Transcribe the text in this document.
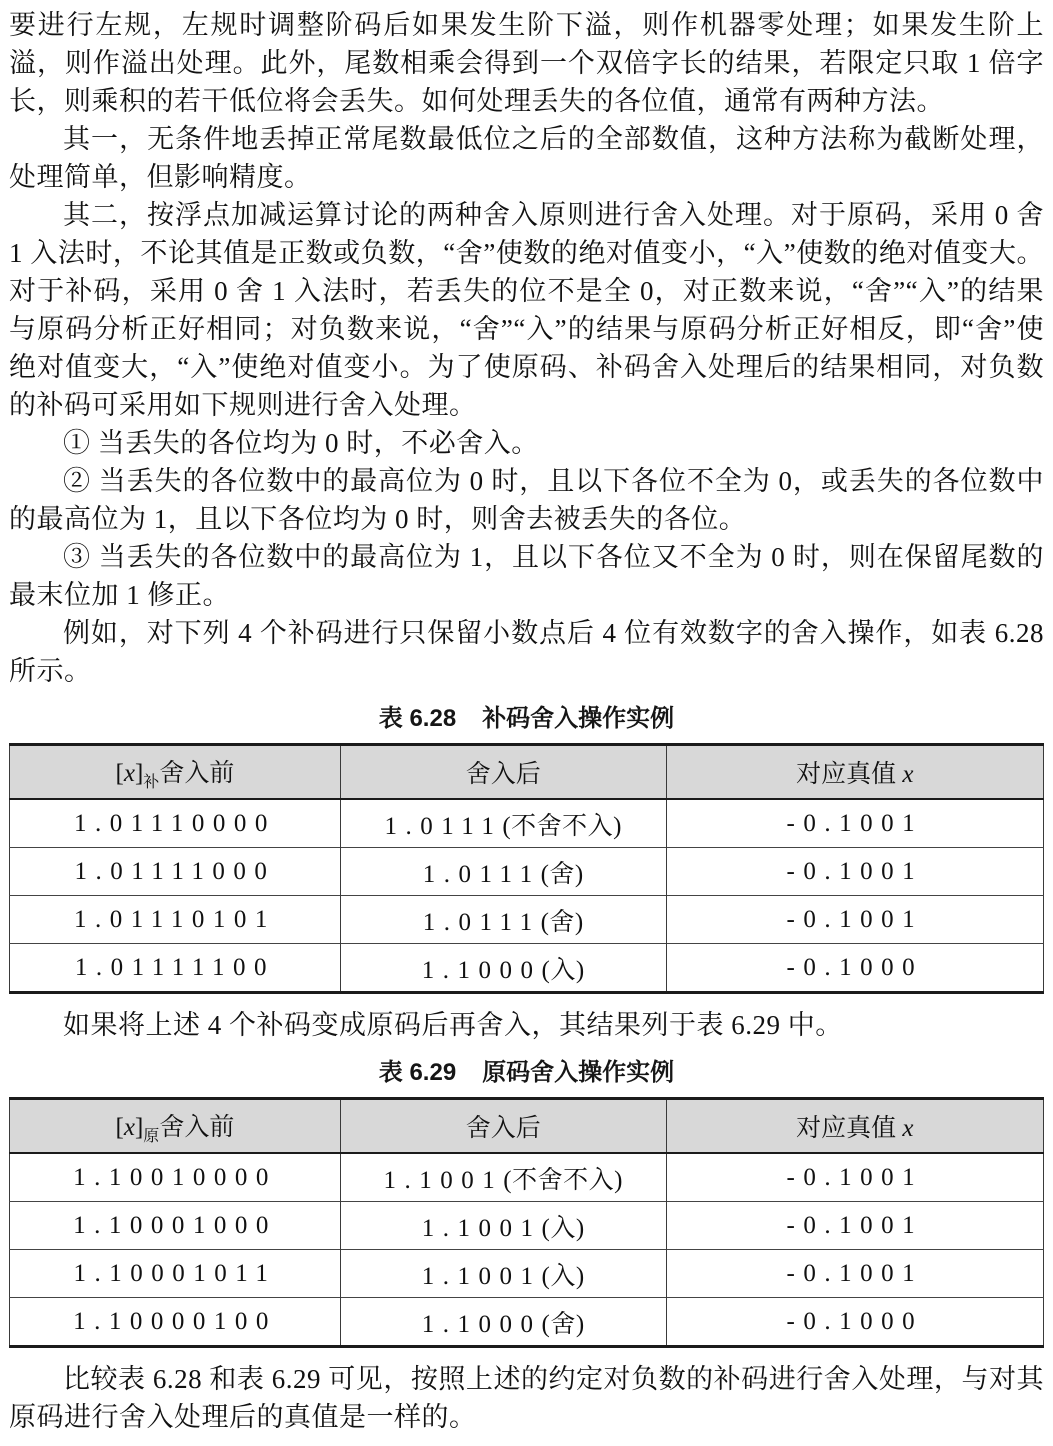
要进行左规，左规时调整阶码后如果发生阶下溢，则作机器零处理；如果发生阶上溢，则作溢出处理。此外，尾数相乘会得到一个双倍字长的结果，若限定只取 1 倍字长，则乘积的若干低位将会丢失。如何处理丢失的各位值，通常有两种方法。

其一，无条件地丢掉正常尾数最低位之后的全部数值，这种方法称为截断处理，处理简单，但影响精度。

其二，按浮点加减运算讨论的两种舍入原则进行舍入处理。对于原码，采用 0 舍 1 入法时，不论其值是正数或负数，“舍”使数的绝对值变小，“入”使数的绝对值变大。对于补码，采用 0 舍 1 入法时，若丢失的位不是全 0，对正数来说，“舍”“入”的结果与原码分析正好相同；对负数来说，“舍”“入”的结果与原码分析正好相反，即“舍”使绝对值变大，“入”使绝对值变小。为了使原码、补码舍入处理后的结果相同，对负数的补码可采用如下规则进行舍入处理。

① 当丢失的各位均为 0 时，不必舍入。

② 当丢失的各位数中的最高位为 0 时，且以下各位不全为 0，或丢失的各位数中的最高位为 1，且以下各位均为 0 时，则舍去被丢失的各位。

③ 当丢失的各位数中的最高位为 1，且以下各位又不全为 0 时，则在保留尾数的最末位加 1 修正。

例如，对下列 4 个补码进行只保留小数点后 4 位有效数字的舍入操作，如表 6.28 所示。

表 6.28 补码舍入操作实例
$[x]_补$舍入前	舍入后	对应真值 x
1.01110000	1.0111(不舍不入)	-0.1001
1.01111000	1.0111(舍)	-0.1001
1.01110101	1.0111(舍)	-0.1001
1.01111100	1.1000(入)	-0.1000

如果将上述 4 个补码变成原码后再舍入，其结果列于表 6.29 中。

表 6.29 原码舍入操作实例
$[x]_原$舍入前	舍入后	对应真值 x
1.10010000	1.1001(不舍不入)	-0.1001
1.10001000	1.1001(入)	-0.1001
1.10001011	1.1001(入)	-0.1001
1.10000100	1.1000(舍)	-0.1000

比较表 6.28 和表 6.29 可见，按照上述的约定对负数的补码进行舍入处理，与对其原码进行舍入处理后的真值是一样的。
